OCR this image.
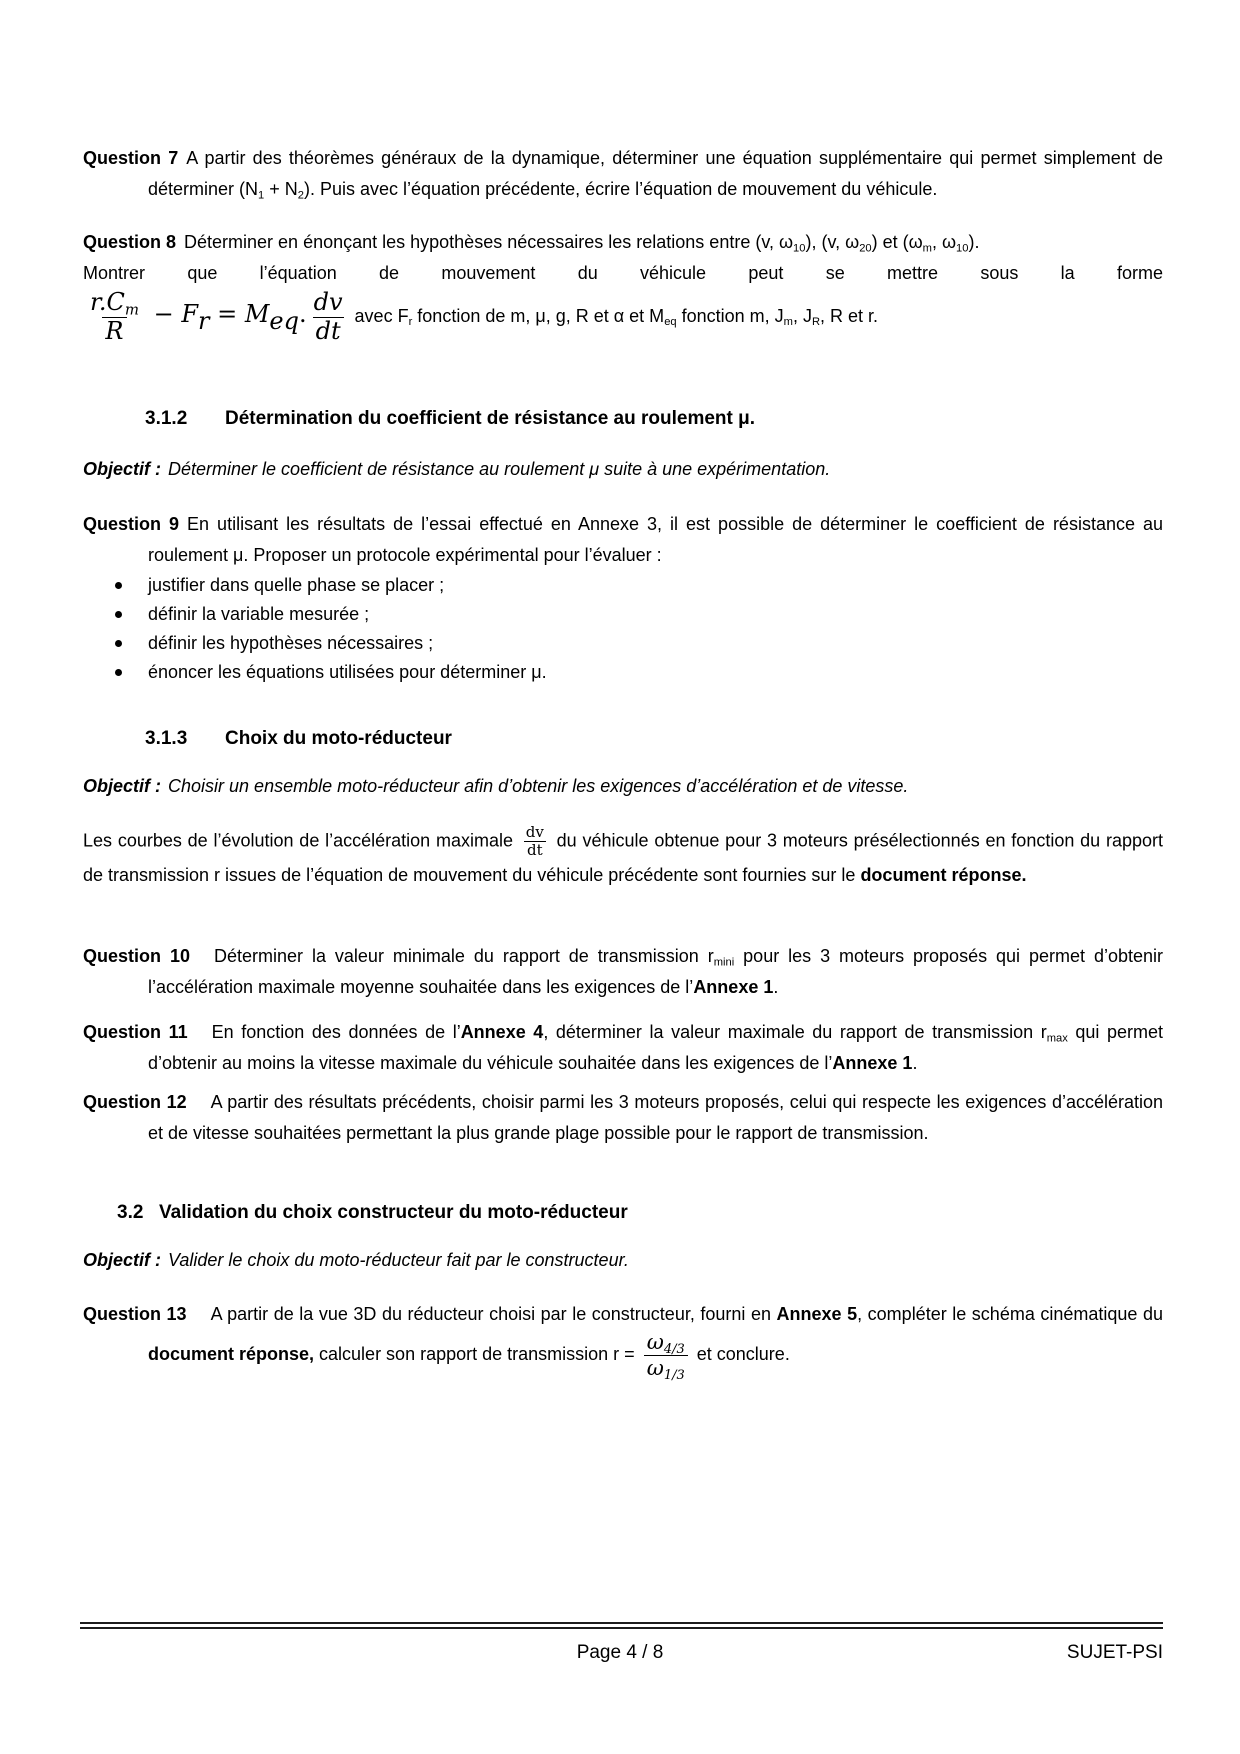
Question 7 A partir des théorèmes généraux de la dynamique, déterminer une équation supplémentaire qui permet simplement de déterminer $(N_1 + N_2)$. Puis avec l’équation précédente, écrire l’équation de mouvement du véhicule.

Question 8 Déterminer en énonçant les hypothèses nécessaires les relations entre (v, $\omega_{10}$), (v, $\omega_{20}$) et ($\omega_m$, $\omega_{10}$).

Montrer que l’équation de mouvement du véhicule peut se mettre sous la forme
$\frac{r.C_m}{R} - F_r = M_{eq}$. $\frac{dv}{dt}$ avec $F_r$ fonction de m, μ, g, R et α et $M_{eq}$ fonction m, $J_m$, $J_R$, R et r.
3.1.2	Détermination du coefficient de résistance au roulement μ.

Objectif : Déterminer le coefficient de résistance au roulement μ suite à une expérimentation.

Question 9 En utilisant les résultats de l’essai effectué en Annexe 3, il est possible de déterminer le coefficient de résistance au roulement μ. Proposer un protocole expérimental pour l’évaluer :

justifier dans quelle phase se placer ;
définir la variable mesurée ;
définir les hypothèses nécessaires ;
énoncer les équations utilisées pour déterminer μ.
3.1.3	Choix du moto-réducteur

Objectif : Choisir un ensemble moto-réducteur afin d’obtenir les exigences d’accélération et de vitesse.

Les courbes de l’évolution de l’accélération maximale $\frac{dv}{dt}$ du véhicule obtenue pour 3 moteurs présélectionnés en fonction du rapport de transmission r issues de l’équation de mouvement du véhicule précédente sont fournies sur le document réponse.

Question 10 Déterminer la valeur minimale du rapport de transmission $r_{mini}$ pour les 3 moteurs proposés qui permet d’obtenir l’accélération maximale moyenne souhaitée dans les exigences de l’Annexe 1.

Question 11 En fonction des données de l’Annexe 4, déterminer la valeur maximale du rapport de transmission $r_{max}$ qui permet d’obtenir au moins la vitesse maximale du véhicule souhaitée dans les exigences de l’Annexe 1.

Question 12 A partir des résultats précédents, choisir parmi les 3 moteurs proposés, celui qui respecte les exigences d’accélération et de vitesse souhaitées permettant la plus grande plage possible pour le rapport de transmission.

3.2 Validation du choix constructeur du moto-réducteur

Objectif : Valider le choix du moto-réducteur fait par le constructeur.

Question 13 A partir de la vue 3D du réducteur choisi par le constructeur, fourni en Annexe 5, compléter le schéma cinématique du document réponse, calculer son rapport de transmission $r = \frac{\omega_{4/3}}{\omega_{1/3}}$ et conclure.

Page 4 / 8	SUJET-PSI
